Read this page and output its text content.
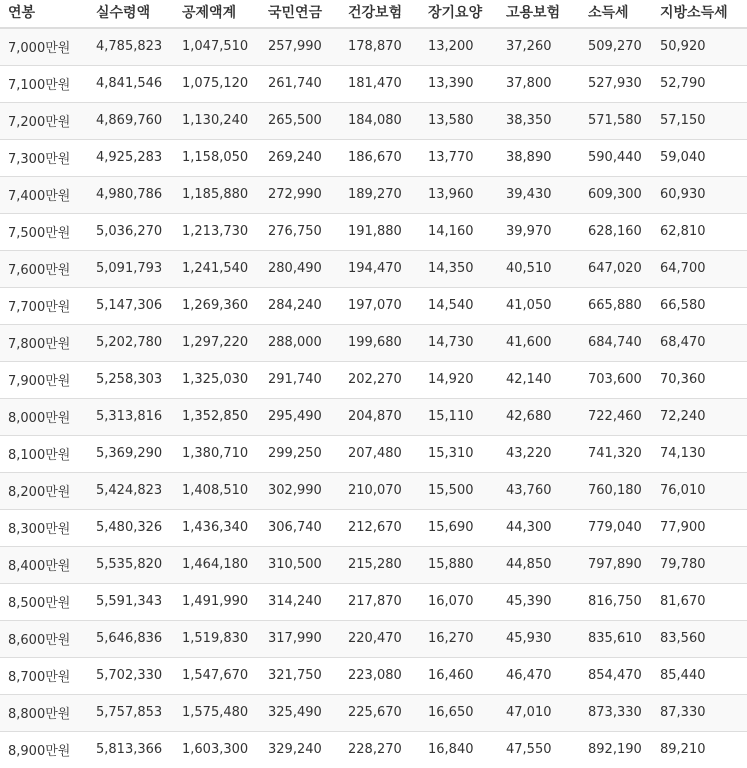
연봉	실수령액	공제액계	국민연금	건강보험	장기요양	고용보험	소득세	지방소득세
7,000만원	4,785,823	1,047,510	257,990	178,870	13,200	37,260	509,270	50,920
7,100만원	4,841,546	1,075,120	261,740	181,470	13,390	37,800	527,930	52,790
7,200만원	4,869,760	1,130,240	265,500	184,080	13,580	38,350	571,580	57,150
7,300만원	4,925,283	1,158,050	269,240	186,670	13,770	38,890	590,440	59,040
7,400만원	4,980,786	1,185,880	272,990	189,270	13,960	39,430	609,300	60,930
7,500만원	5,036,270	1,213,730	276,750	191,880	14,160	39,970	628,160	62,810
7,600만원	5,091,793	1,241,540	280,490	194,470	14,350	40,510	647,020	64,700
7,700만원	5,147,306	1,269,360	284,240	197,070	14,540	41,050	665,880	66,580
7,800만원	5,202,780	1,297,220	288,000	199,680	14,730	41,600	684,740	68,470
7,900만원	5,258,303	1,325,030	291,740	202,270	14,920	42,140	703,600	70,360
8,000만원	5,313,816	1,352,850	295,490	204,870	15,110	42,680	722,460	72,240
8,100만원	5,369,290	1,380,710	299,250	207,480	15,310	43,220	741,320	74,130
8,200만원	5,424,823	1,408,510	302,990	210,070	15,500	43,760	760,180	76,010
8,300만원	5,480,326	1,436,340	306,740	212,670	15,690	44,300	779,040	77,900
8,400만원	5,535,820	1,464,180	310,500	215,280	15,880	44,850	797,890	79,780
8,500만원	5,591,343	1,491,990	314,240	217,870	16,070	45,390	816,750	81,670
8,600만원	5,646,836	1,519,830	317,990	220,470	16,270	45,930	835,610	83,560
8,700만원	5,702,330	1,547,670	321,750	223,080	16,460	46,470	854,470	85,440
8,800만원	5,757,853	1,575,480	325,490	225,670	16,650	47,010	873,330	87,330
8,900만원	5,813,366	1,603,300	329,240	228,270	16,840	47,550	892,190	89,210
